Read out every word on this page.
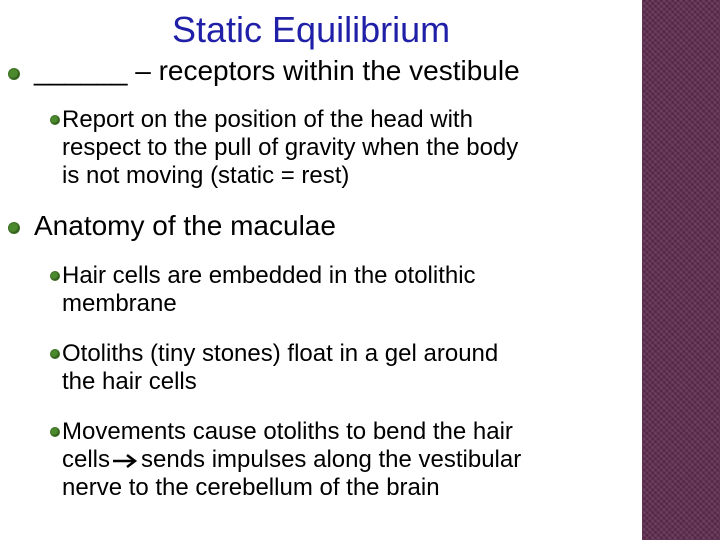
Static Equilibrium
______ – receptors within the vestibule
Report on the position of the head with
respect to the pull of gravity when the body
is not moving (static = rest)
Anatomy of the maculae
Hair cells are embedded in the otolithic
membrane
Otoliths (tiny stones) float in a gel around
the hair cells
Movements cause otoliths to bend the hair
cells sends impulses along the vestibular
nerve to the cerebellum of the brain
